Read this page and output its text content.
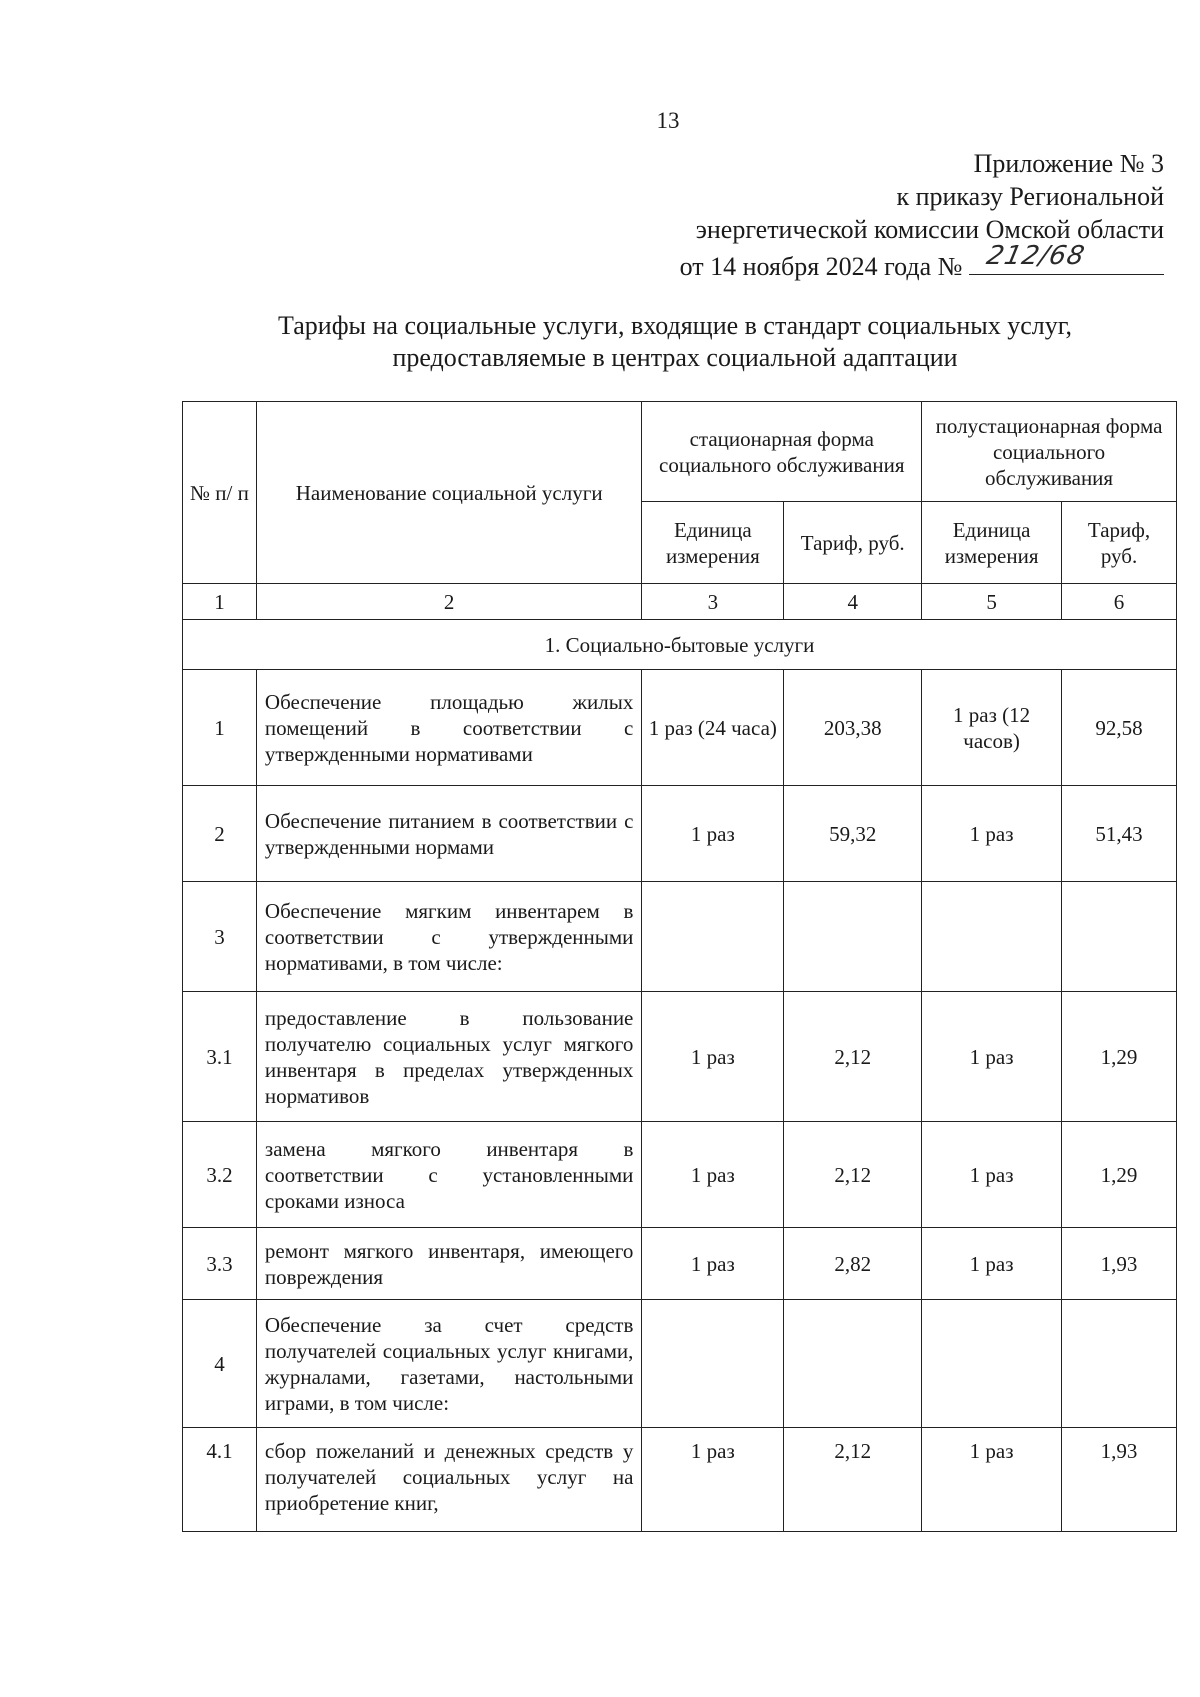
13
Приложение № 3
к приказу Региональной
энергетической комиссии Омской области
от 14 ноября 2024 года № 212/68
Тарифы на социальные услуги, входящие в стандарт социальных услуг,
предоставляемые в центрах социальной адаптации
№ п/ п	Наименование социальной услуги	стационарная форма социального обслуживания		полустационарная форма социального обслуживания	
		Единица измерения	Тариф, руб.	Единица измерения	Тариф, руб.
1	2	3	4	5	6
1. Социально-бытовые услуги					
1	Обеспечение площадью жилых помещений в соответствии с утвержденными нормативами	1 раз (24 часа)	203,38	1 раз (12 часов)	92,58
2	Обеспечение питанием в соответствии с утвержденными нормами	1 раз	59,32	1 раз	51,43
3	Обеспечение мягким инвентарем в соответствии с утвержденными нормативами, в том числе:				
3.1	предоставление в пользование получателю социальных услуг мягкого инвентаря в пределах утвержденных нормативов	1 раз	2,12	1 раз	1,29
3.2	замена мягкого инвентаря в соответствии с установленными сроками износа	1 раз	2,12	1 раз	1,29
3.3	ремонт мягкого инвентаря, имеющего повреждения	1 раз	2,82	1 раз	1,93
4	Обеспечение за счет средств получателей социальных услуг книгами, журналами, газетами, настольными играми, в том числе:				
4.1	сбор пожеланий и денежных средств у получателей социальных услуг на приобретение книг,	1 раз	2,12	1 раз	1,93
